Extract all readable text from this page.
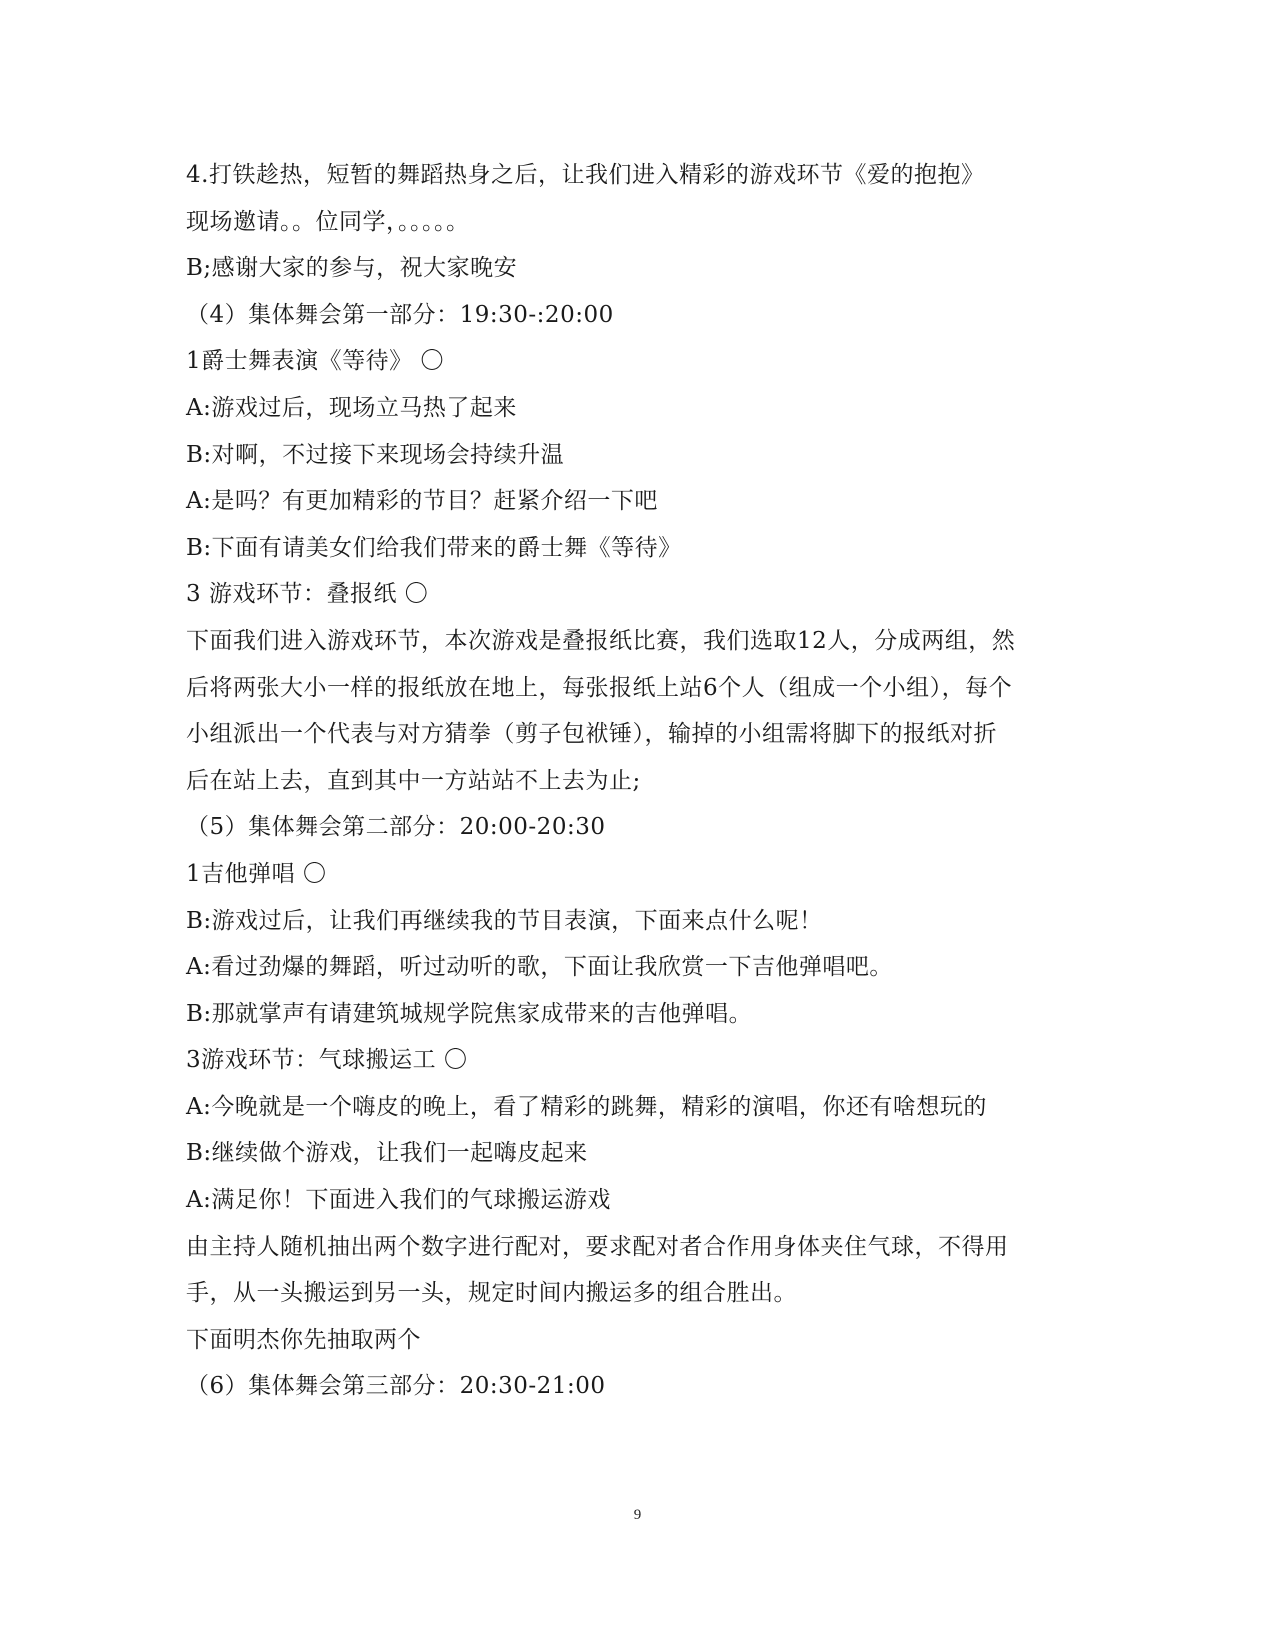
4.打铁趁热，短暂的舞蹈热身之后，让我们进入精彩的游戏环节《爱的抱抱》
现场邀请。。位同学，。。。。。
B;感谢大家的参与，祝大家晚安
（4）集体舞会第一部分：19:30-:20:00
1爵士舞表演《等待》 〇
A:游戏过后，现场立马热了起来
B:对啊，不过接下来现场会持续升温
A:是吗？有更加精彩的节目？赶紧介绍一下吧
B:下面有请美女们给我们带来的爵士舞《等待》
3 游戏环节：叠报纸 〇
下面我们进入游戏环节，本次游戏是叠报纸比赛，我们选取12人，分成两组，然
后将两张大小一样的报纸放在地上，每张报纸上站6个人（组成一个小组），每个
小组派出一个代表与对方猜拳（剪子包袱锤），输掉的小组需将脚下的报纸对折
后在站上去，直到其中一方站站不上去为止;
（5）集体舞会第二部分：20:00-20:30
1吉他弹唱 〇
B:游戏过后，让我们再继续我的节目表演，下面来点什么呢！
A:看过劲爆的舞蹈，听过动听的歌，下面让我欣赏一下吉他弹唱吧。
B:那就掌声有请建筑城规学院焦家成带来的吉他弹唱。
3游戏环节：气球搬运工 〇
A:今晚就是一个嗨皮的晚上，看了精彩的跳舞，精彩的演唱，你还有啥想玩的
B:继续做个游戏，让我们一起嗨皮起来
A:满足你！下面进入我们的气球搬运游戏
由主持人随机抽出两个数字进行配对，要求配对者合作用身体夹住气球，不得用
手，从一头搬运到另一头，规定时间内搬运多的组合胜出。
下面明杰你先抽取两个
（6）集体舞会第三部分：20:30-21:00
9
